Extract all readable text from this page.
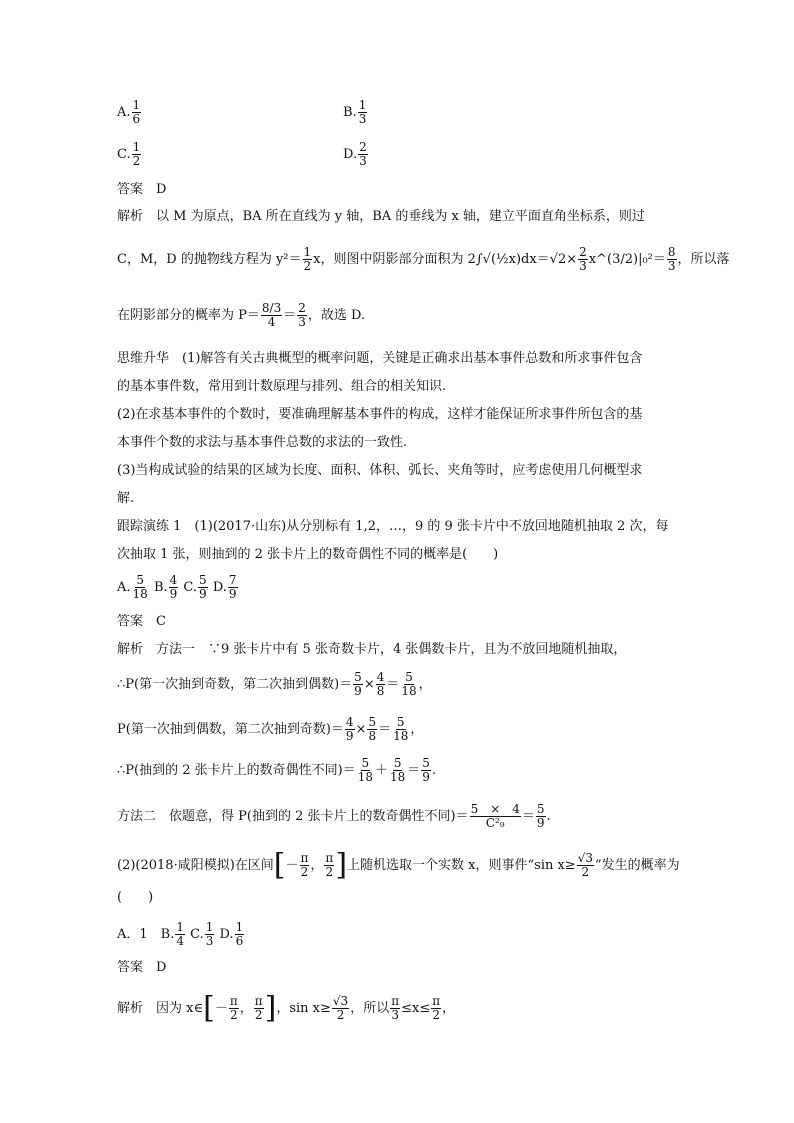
A. $\frac{1}{6}$	B. $\frac{1}{3}$
C. $\frac{1}{2}$	D. $\frac{2}{3}$
答案　D
解析　以 M 为原点，BA 所在直线为 y 轴，BA 的垂线为 x 轴，建立平面直角坐标系，则过
C，M，D 的抛物线方程为 $y^2= \frac{1}{2}$ x，则图中阴影部分面积为 2∫√(½x)dx＝√2× $\frac{2}{3}$ x^(3/2)|₀²＝ $\frac{8}{3}$ ，所以落
在阴影部分的概率为 $P= \frac{8/3}{4} = \frac{2}{3}$ ，故选 D.
思维升华　(1)解答有关古典概型的概率问题，关键是正确求出基本事件总数和所求事件包含
的基本事件数，常用到计数原理与排列、组合的相关知识.
(2)在求基本事件的个数时，要准确理解基本事件的构成，这样才能保证所求事件所包含的基
本事件个数的求法与基本事件总数的求法的一致性.
(3)当构成试验的结果的区域为长度、面积、体积、弧长、夹角等时，应考虑使用几何概型求
解.
跟踪演练 1　(1)(2017·山东)从分别标有 1,2，…，9 的 9 张卡片中不放回地随机抽取 2 次，每
次抽取 1 张，则抽到的 2 张卡片上的数奇偶性不同的概率是(　　)
A. $\frac{5}{18} B$. $\frac{4}{9} C$. $\frac{5}{9} D$. $\frac{7}{9}$
答案　C
解析　方法一　∵9 张卡片中有 5 张奇数卡片，4 张偶数卡片，且为不放回地随机抽取，
∴P(第一次抽到奇数，第二次抽到偶数)＝ $\frac{5}{9} \times \frac{4}{8} = \frac{5}{18}$ ，
P(第一次抽到偶数，第二次抽到奇数)＝ $\frac{4}{9} \times \frac{5}{8} = \frac{5}{18}$ ，
∴P(抽到的 2 张卡片上的数奇偶性不同)＝ $\frac{5}{18} + \frac{5}{18} = \frac{5}{9}$ .
方法二　依题意，得 P(抽到的 2 张卡片上的数奇偶性不同)＝ $\frac{5 \times 4}{\text{C²₉}} = \frac{5}{9}$ .
(2)(2018·咸阳模拟)在区间[－ $\frac{\pi}{2}$ ， $\frac{\pi}{2}$ ]上随机选取一个实数 x，则事件“sin $x\ge \frac{√3}{2}$ ”发生的概率为
(　　)
A．1　B. $\frac{1}{4} C$. $\frac{1}{3} D$. $\frac{1}{6}$
答案　D
解析　因为 x∈[－ $\frac{\pi}{2}$ ， $\frac{\pi}{2}$ ]，$\sin x\ge \frac{√3}{2}$ ，所以 $\frac{\pi}{3} \le x\le \frac{\pi}{2}$ ，
